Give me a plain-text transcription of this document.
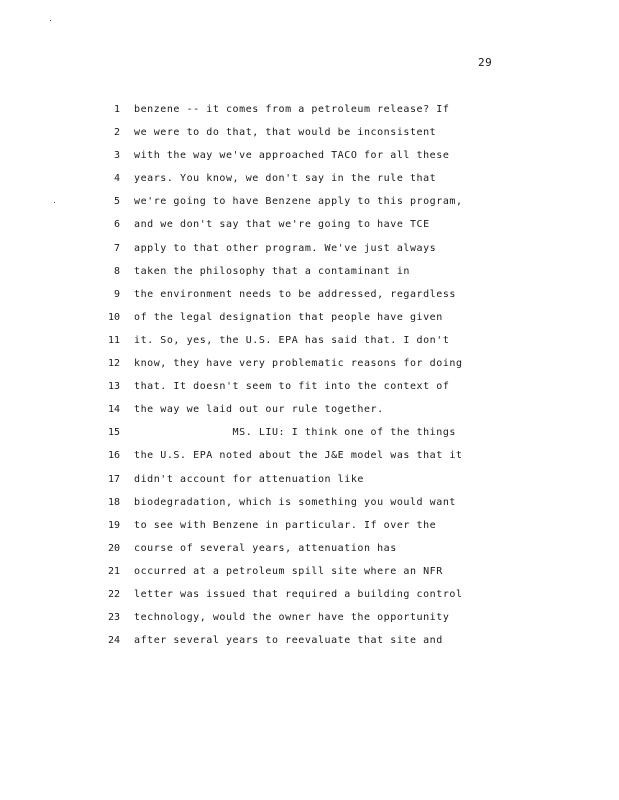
29
1 benzene -- it comes from a petroleum release? If
2 we were to do that, that would be inconsistent
3 with the way we've approached TACO for all these
4 years. You know, we don't say in the rule that
5 we're going to have Benzene apply to this program,
6 and we don't say that we're going to have TCE
7 apply to that other program. We've just always
8 taken the philosophy that a contaminant in
9 the environment needs to be addressed, regardless
10 of the legal designation that people have given
11 it. So, yes, the U.S. EPA has said that. I don't
12 know, they have very problematic reasons for doing
13 that. It doesn't seem to fit into the context of
14 the way we laid out our rule together.
15 MS. LIU: I think one of the things
16 the U.S. EPA noted about the J&E model was that it
17 didn't account for attenuation like
18 biodegradation, which is something you would want
19 to see with Benzene in particular. If over the
20 course of several years, attenuation has
21 occurred at a petroleum spill site where an NFR
22 letter was issued that required a building control
23 technology, would the owner have the opportunity
24 after several years to reevaluate that site and
